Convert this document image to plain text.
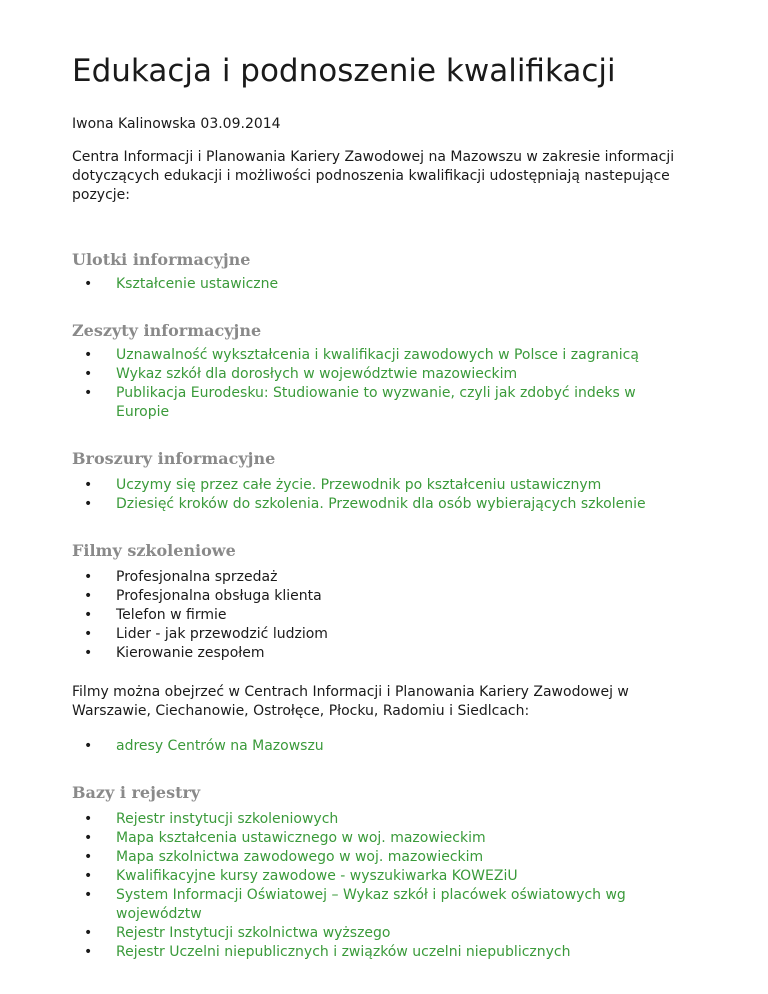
Edukacja i podnoszenie kwalifikacji

Iwona Kalinowska 03.09.2014

Centra Informacji i Planowania Kariery Zawodowej na Mazowszu w zakresie informacji dotyczących edukacji i możliwości podnoszenia kwalifikacji udostępniają nastepujące pozycje:

Ulotki informacyjne
• Kształcenie ustawiczne
Zeszyty informacyjne
• Uznawalność wykształcenia i kwalifikacji zawodowych w Polsce i zagranicą
• Wykaz szkół dla dorosłych w województwie mazowieckim
• Publikacja Eurodesku: Studiowanie to wyzwanie, czyli jak zdobyć indeks w Europie
Broszury informacyjne
• Uczymy się przez całe życie. Przewodnik po kształceniu ustawicznym
• Dziesięć kroków do szkolenia. Przewodnik dla osób wybierających szkolenie
Filmy szkoleniowe
• Profesjonalna sprzedaż
• Profesjonalna obsługa klienta
• Telefon w firmie
• Lider - jak przewodzić ludziom
• Kierowanie zespołem

Filmy można obejrzeć w Centrach Informacji i Planowania Kariery Zawodowej w Warszawie, Ciechanowie, Ostrołęce, Płocku, Radomiu i Siedlcach:

• adresy Centrów na Mazowszu
Bazy i rejestry
• Rejestr instytucji szkoleniowych
• Mapa kształcenia ustawicznego w woj. mazowieckim
• Mapa szkolnictwa zawodowego w woj. mazowieckim
• Kwalifikacyjne kursy zawodowe - wyszukiwarka KOWEZiU
• System Informacji Oświatowej – Wykaz szkół i placówek oświatowych wg województw
• Rejestr Instytucji szkolnictwa wyższego
• Rejestr Uczelni niepublicznych i związków uczelni niepublicznych
